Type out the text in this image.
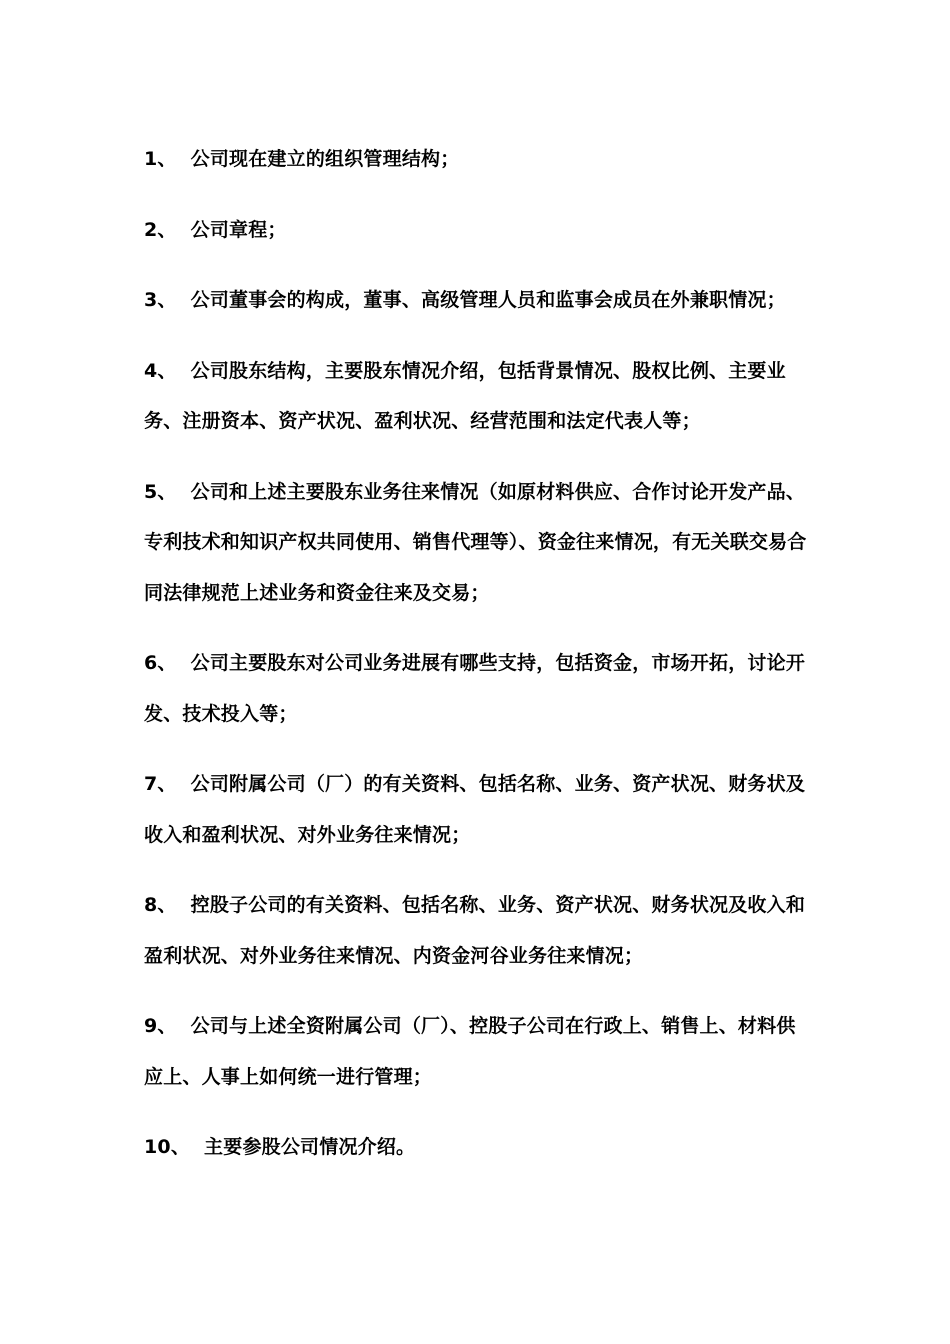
1、 公司现在建立的组织管理结构；
2、 公司章程；
3、 公司董事会的构成，董事、高级管理人员和监事会成员在外兼职情况；
4、 公司股东结构，主要股东情况介绍，包括背景情况、股权比例、主要业务、注册资本、资产状况、盈利状况、经营范围和法定代表人等；
5、 公司和上述主要股东业务往来情况（如原材料供应、合作讨论开发产品、专利技术和知识产权共同使用、销售代理等）、资金往来情况，有无关联交易合同法律规范上述业务和资金往来及交易；
6、 公司主要股东对公司业务进展有哪些支持，包括资金，市场开拓，讨论开发、技术投入等；
7、 公司附属公司（厂）的有关资料、包括名称、业务、资产状况、财务状及收入和盈利状况、对外业务往来情况；
8、 控股子公司的有关资料、包括名称、业务、资产状况、财务状况及收入和盈利状况、对外业务往来情况、内资金河谷业务往来情况；
9、 公司与上述全资附属公司（厂）、控股子公司在行政上、销售上、材料供应上、人事上如何统一进行管理；
10、 主要参股公司情况介绍。
